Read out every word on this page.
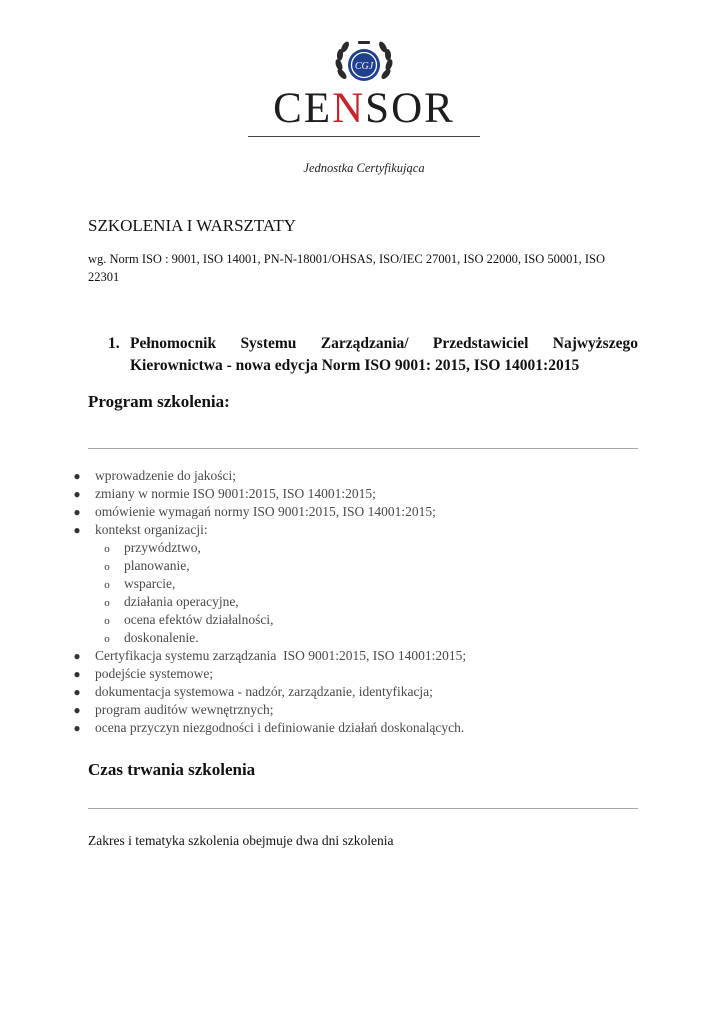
CGJ
CENSOR
Jednostka Certyfikująca
SZKOLENIA I WARSZTATY

wg. Norm ISO : 9001, ISO 14001, PN-N-18001/OHSAS, ISO/IEC 27001, ISO 22000, ISO 50001, ISO 22301

1. Pełnomocnik Systemu Zarządzania/ Przedstawiciel Najwyższego
Kierownictwa - nowa edycja Norm ISO 9001: 2015, ISO 14001:2015
Program szkolenia:
● wprowadzenie do jakości;
● zmiany w normie ISO 9001:2015, ISO 14001:2015;
● omówienie wymagań normy ISO 9001:2015, ISO 14001:2015;
● kontekst organizacji:
o przywództwo,
o planowanie,
o wsparcie,
o działania operacyjne,
o ocena efektów działalności,
o doskonalenie.
● Certyfikacja systemu zarządzania  ISO 9001:2015, ISO 14001:2015;
● podejście systemowe;
● dokumentacja systemowa - nadzór, zarządzanie, identyfikacja;
● program auditów wewnętrznych;
● ocena przyczyn niezgodności i definiowanie działań doskonalących.
Czas trwania szkolenia

Zakres i tematyka szkolenia obejmuje dwa dni szkolenia
